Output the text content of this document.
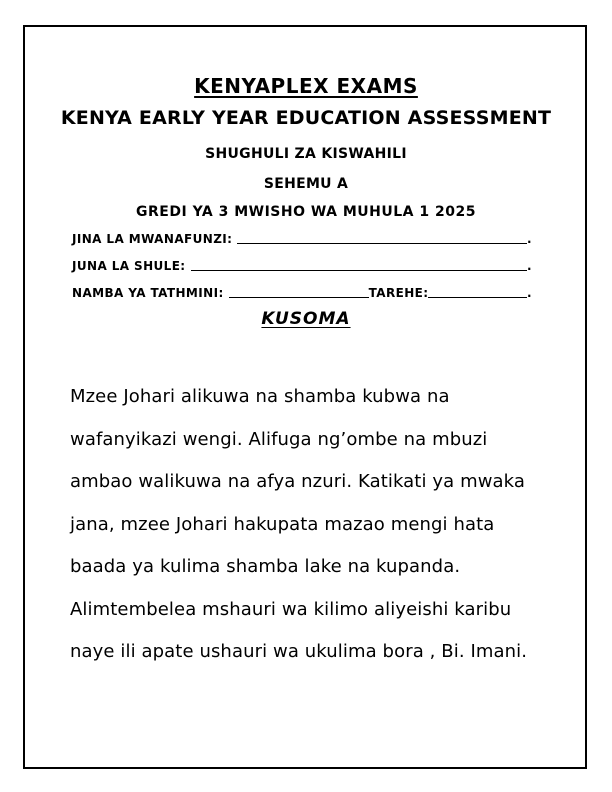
KENYAPLEX EXAMS
KENYA EARLY YEAR EDUCATION ASSESSMENT
SHUGHULI ZA KISWAHILI
SEHEMU A
GREDI YA 3 MWISHO WA MUHULA 1 2025
JINA LA MWANAFUNZI:	.
JUNA LA SHULE:	.
NAMBA YA TATHMINI:	TAREHE:	.
KUSOMA
Mzee Johari alikuwa na shamba kubwa na
wafanyikazi wengi. Alifuga ng’ombe na mbuzi
ambao walikuwa na afya nzuri. Katikati ya mwaka
jana, mzee Johari hakupata mazao mengi hata
baada ya kulima shamba lake na kupanda.
Alimtembelea mshauri wa kilimo aliyeishi karibu
naye ili apate ushauri wa ukulima bora , Bi. Imani.
